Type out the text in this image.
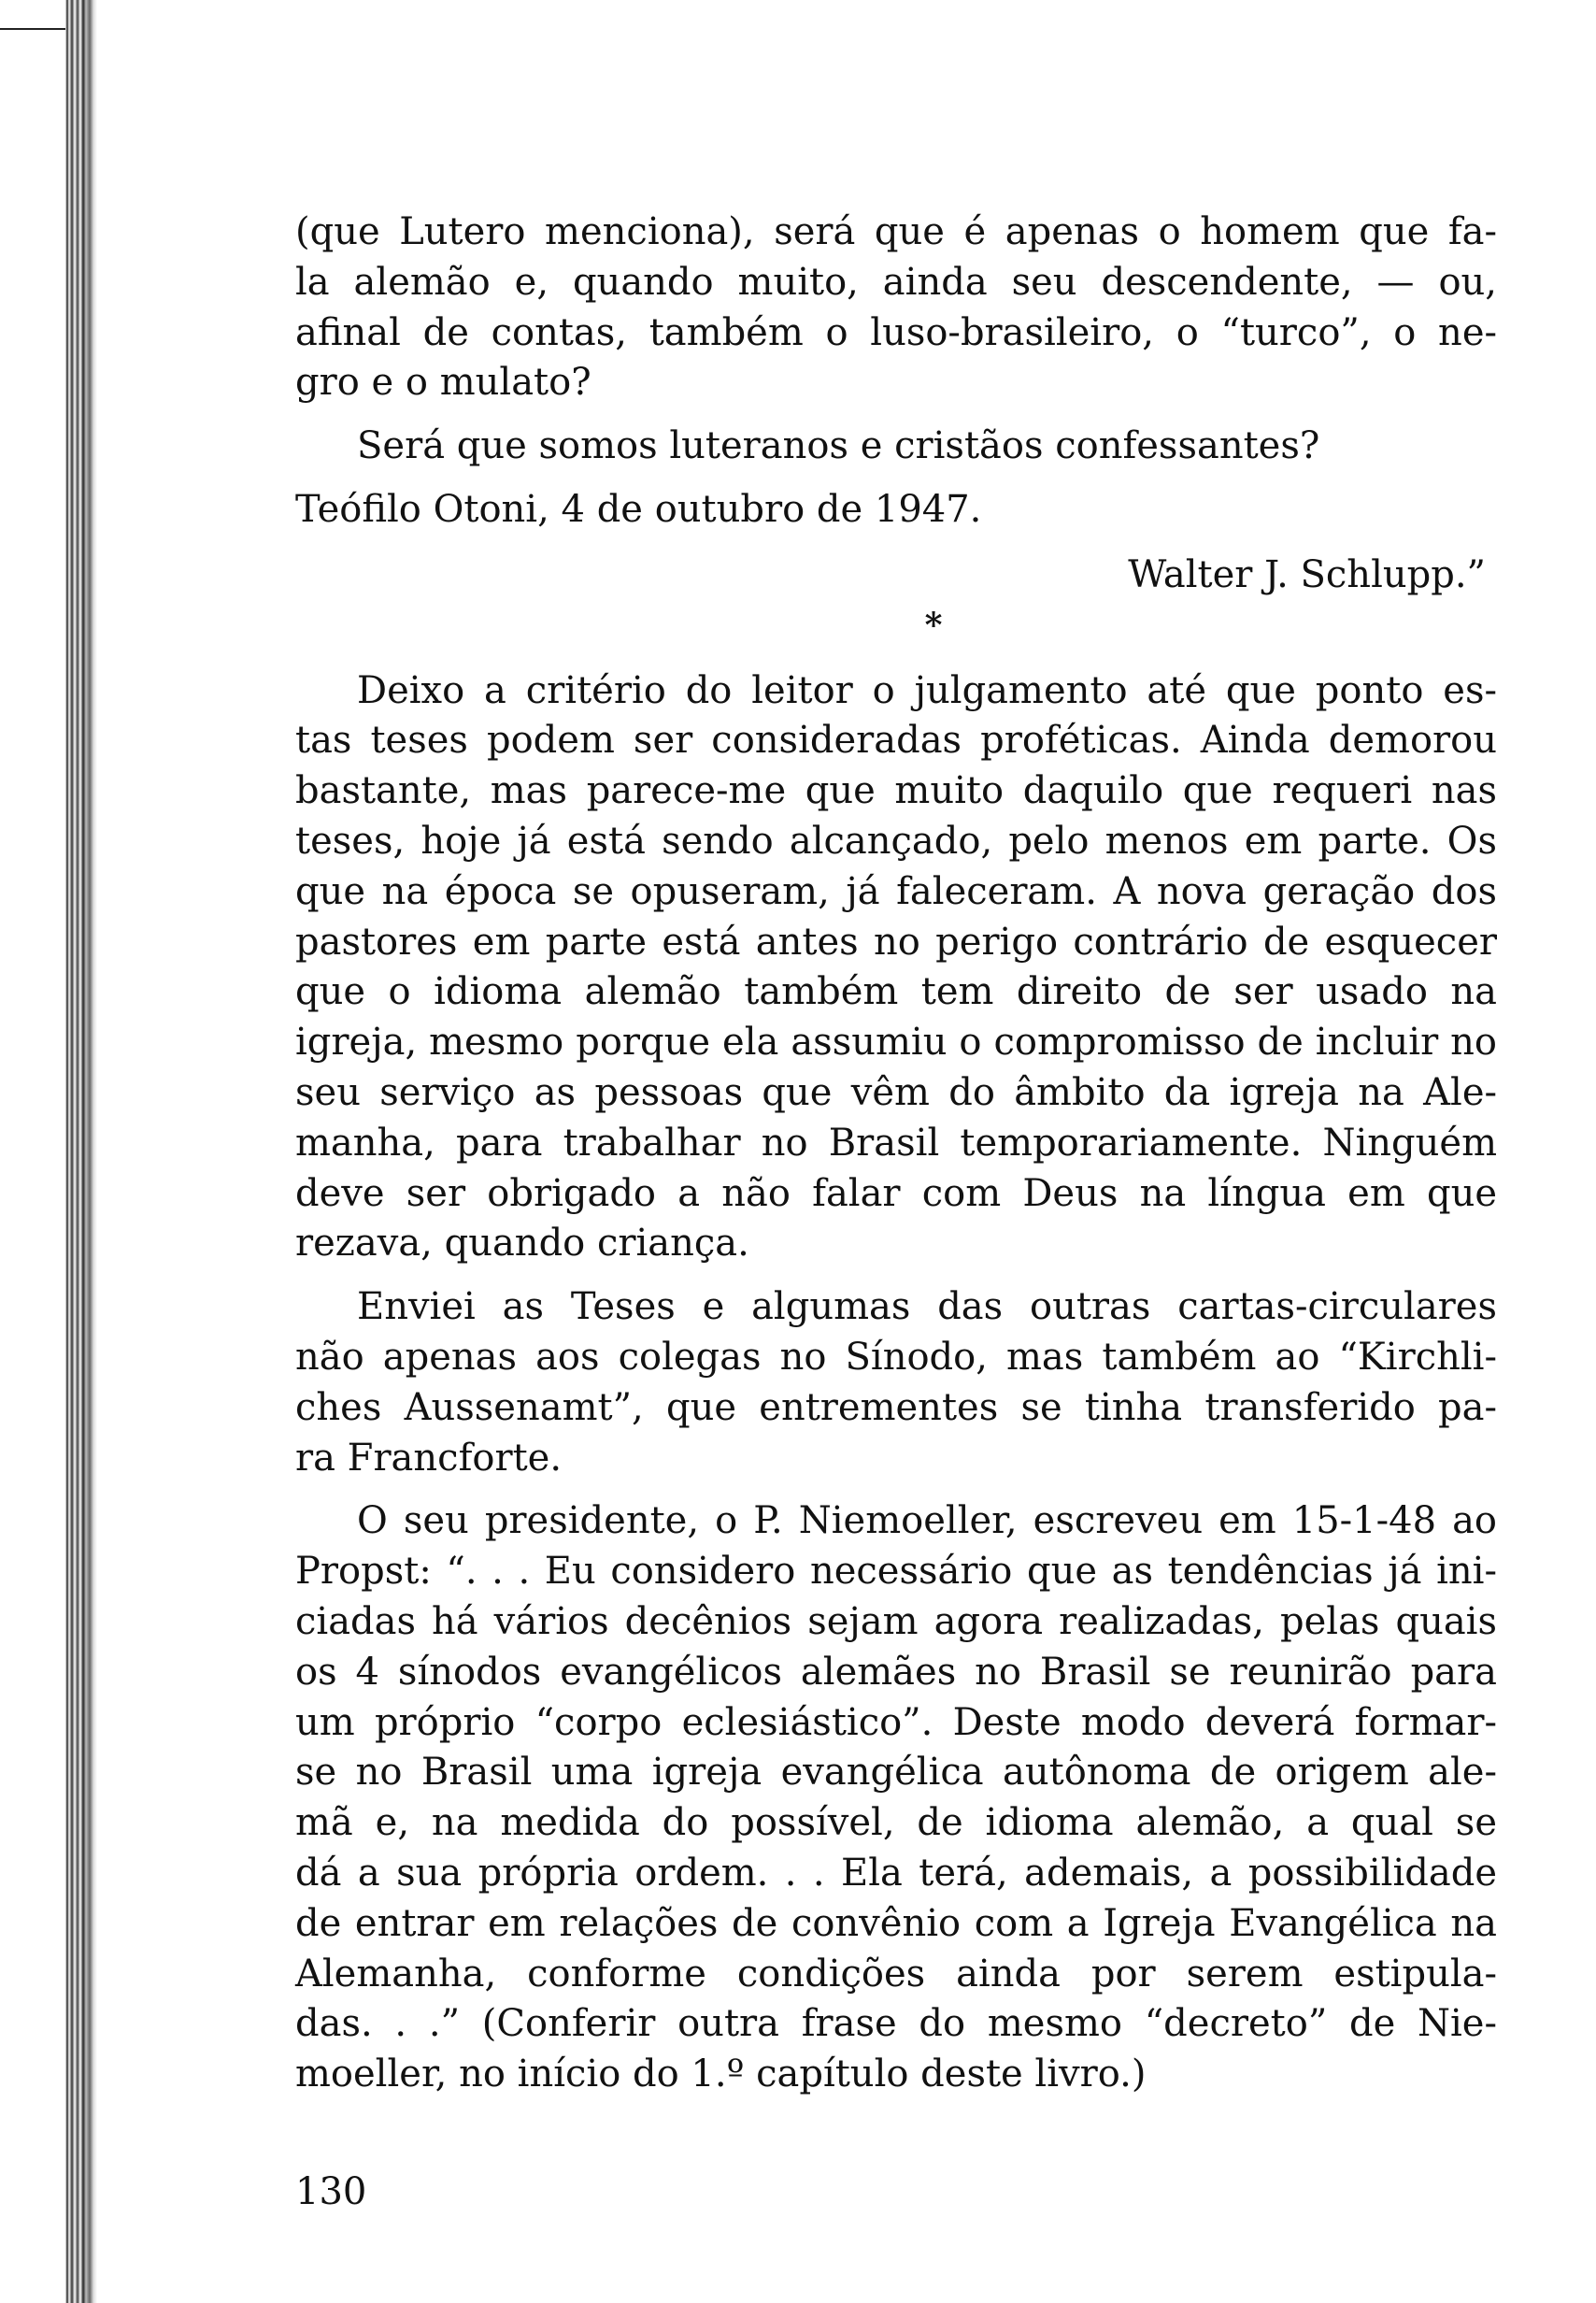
(que Lutero menciona), será que é apenas o homem que fa-
la alemão e, quando muito, ainda seu descendente, — ou,
afinal de contas, também o luso-brasileiro, o “turco”, o ne-
gro e o mulato?
Será que somos luteranos e cristãos confessantes?
Teófilo Otoni, 4 de outubro de 1947.
Walter J. Schlupp.”
*
Deixo a critério do leitor o julgamento até que ponto es-
tas teses podem ser consideradas proféticas. Ainda demorou
bastante, mas parece-me que muito daquilo que requeri nas
teses, hoje já está sendo alcançado, pelo menos em parte. Os
que na época se opuseram, já faleceram. A nova geração dos
pastores em parte está antes no perigo contrário de esquecer
que o idioma alemão também tem direito de ser usado na
igreja, mesmo porque ela assumiu o compromisso de incluir no
seu serviço as pessoas que vêm do âmbito da igreja na Ale-
manha, para trabalhar no Brasil temporariamente. Ninguém
deve ser obrigado a não falar com Deus na língua em que
rezava, quando criança.
Enviei as Teses e algumas das outras cartas-circulares
não apenas aos colegas no Sínodo, mas também ao “Kirchli-
ches Aussenamt”, que entrementes se tinha transferido pa-
ra Francforte.
O seu presidente, o P. Niemoeller, escreveu em 15-1-48 ao
Propst: “. . . Eu considero necessário que as tendências já ini-
ciadas há vários decênios sejam agora realizadas, pelas quais
os 4 sínodos evangélicos alemães no Brasil se reunirão para
um próprio “corpo eclesiástico”. Deste modo deverá formar-
se no Brasil uma igreja evangélica autônoma de origem ale-
mã e, na medida do possível, de idioma alemão, a qual se
dá a sua própria ordem. . . Ela terá, ademais, a possibilidade
de entrar em relações de convênio com a Igreja Evangélica na
Alemanha, conforme condições ainda por serem estipula-
das. . .” (Conferir outra frase do mesmo “decreto” de Nie-
moeller, no início do 1.º capítulo deste livro.)
130
